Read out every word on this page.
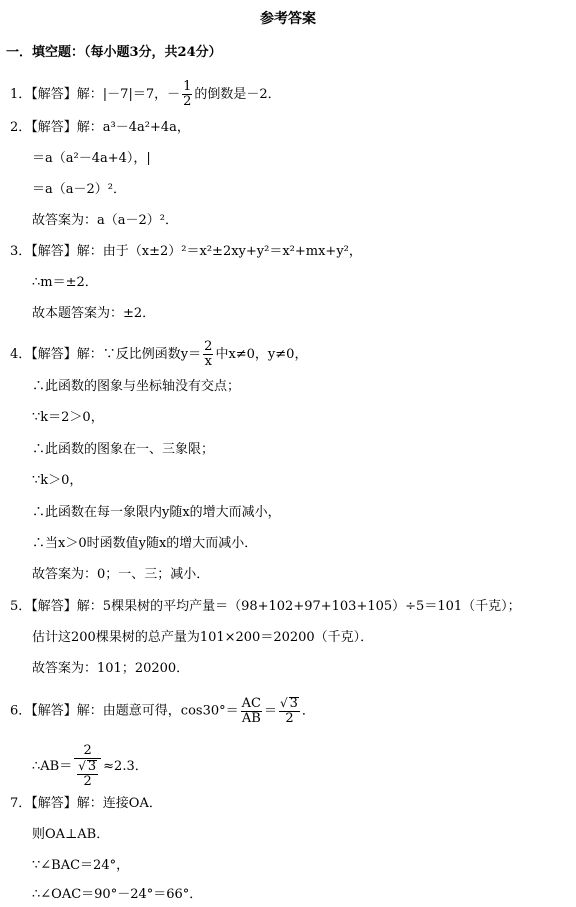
参考答案
一．填空题：（每小题3分，共24分）
1．【解答】解：|－7|＝7，－ $\frac{1}{2}$ 的倒数是－2．
2．【解答】解：a³－4a²+4a，
＝a（a²－4a+4），|
＝a（a－2）²．
故答案为：a（a－2）²．
3．【解答】解：由于（x±2）²＝x²±2xy+y²＝x²+mx+y²，
∴m＝±2．
故本题答案为：±2．
4．【解答】解：∵反比例函数$y= \frac{2}{x}$ 中x≠0，y≠0，
∴此函数的图象与坐标轴没有交点；
∵k＝2＞0，
∴此函数的图象在一、三象限；
∵k＞0，
∴此函数在每一象限内y随x的增大而减小，
∴当x＞0时函数值y随x的增大而减小．
故答案为：0；一、三；减小．
5．【解答】解：5棵果树的平均产量＝（98+102+97+103+105）÷5＝101（千克）；
估计这200棵果树的总产量为101×200＝20200（千克）．
故答案为：101；20200．
6．【解答】解：由题意可得，$\cos 30^\circ= \frac{AC}{AB} = \frac{√ 3}{2}$ ．
∴AB＝ $\frac{2}{\frac{√ 3}{2}} \approx 2.3$．
7．【解答】解：连接OA．
则OA⊥AB．
∵∠BAC＝24°，
∴∠OAC＝90°－24°＝66°．
